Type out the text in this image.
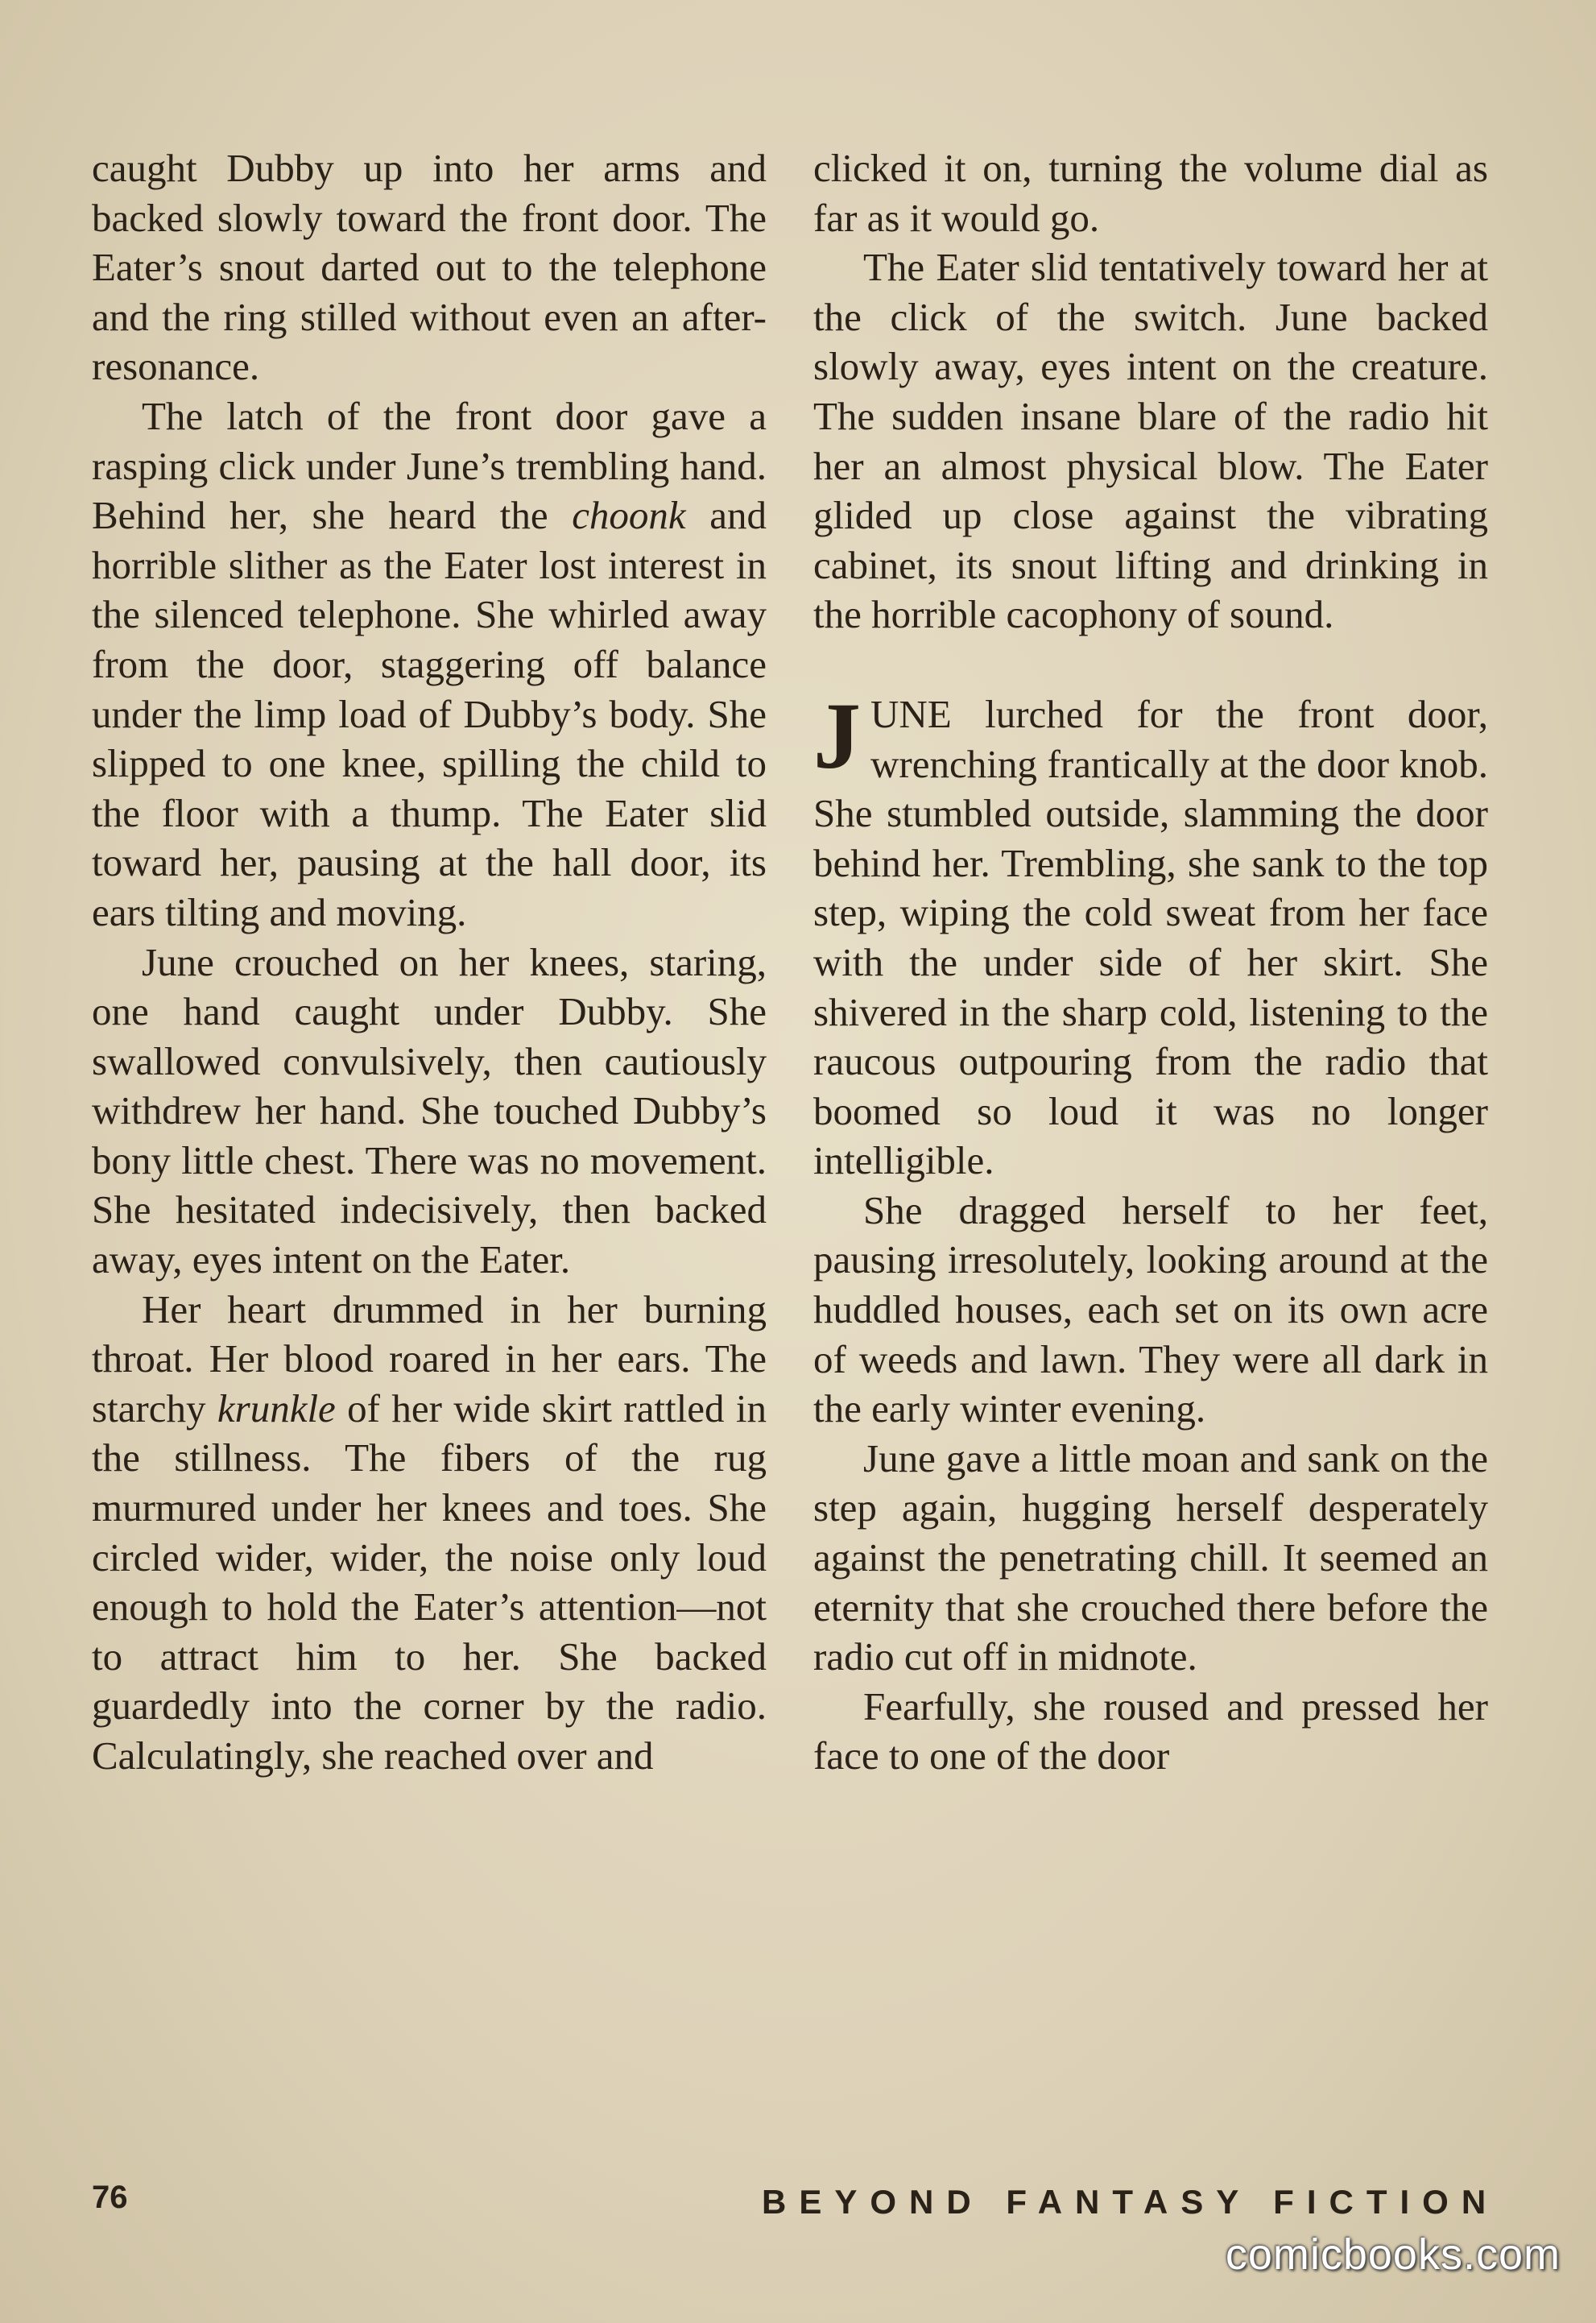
caught Dubby up into her arms and backed slowly toward the front door. The Eater’s snout darted out to the telephone and the ring stilled without even an after-resonance.

The latch of the front door gave a rasping click under June’s trembling hand. Behind her, she heard the choonk and horrible slither as the Eater lost interest in the silenced telephone. She whirled away from the door, staggering off balance under the limp load of Dubby’s body. She slipped to one knee, spilling the child to the floor with a thump. The Eater slid toward her, pausing at the hall door, its ears tilting and moving.

June crouched on her knees, staring, one hand caught under Dubby. She swallowed convulsively, then cautiously withdrew her hand. She touched Dubby’s bony little chest. There was no movement. She hesitated indecisively, then backed away, eyes intent on the Eater.

Her heart drummed in her burning throat. Her blood roared in her ears. The starchy krunkle of her wide skirt rattled in the stillness. The fibers of the rug murmured under her knees and toes. She circled wider, wider, the noise only loud enough to hold the Eater’s attention—not to attract him to her. She backed guardedly into the corner by the radio. Calculatingly, she reached over and

clicked it on, turning the volume dial as far as it would go.

The Eater slid tentatively toward her at the click of the switch. June backed slowly away, eyes intent on the creature. The sudden insane blare of the radio hit her an almost physical blow. The Eater glided up close against the vibrating cabinet, its snout lifting and drinking in the horrible cacophony of sound.

JUNE lurched for the front door, wrenching frantically at the door knob. She stumbled outside, slamming the door behind her. Trembling, she sank to the top step, wiping the cold sweat from her face with the under side of her skirt. She shivered in the sharp cold, listening to the raucous outpouring from the radio that boomed so loud it was no longer intelligible.

She dragged herself to her feet, pausing irresolutely, looking around at the huddled houses, each set on its own acre of weeds and lawn. They were all dark in the early winter evening.

June gave a little moan and sank on the step again, hugging herself desperately against the penetrating chill. It seemed an eternity that she crouched there before the radio cut off in midnote.

Fearfully, she roused and pressed her face to one of the door

76	BEYOND FANTASY FICTION
comicbooks.com
